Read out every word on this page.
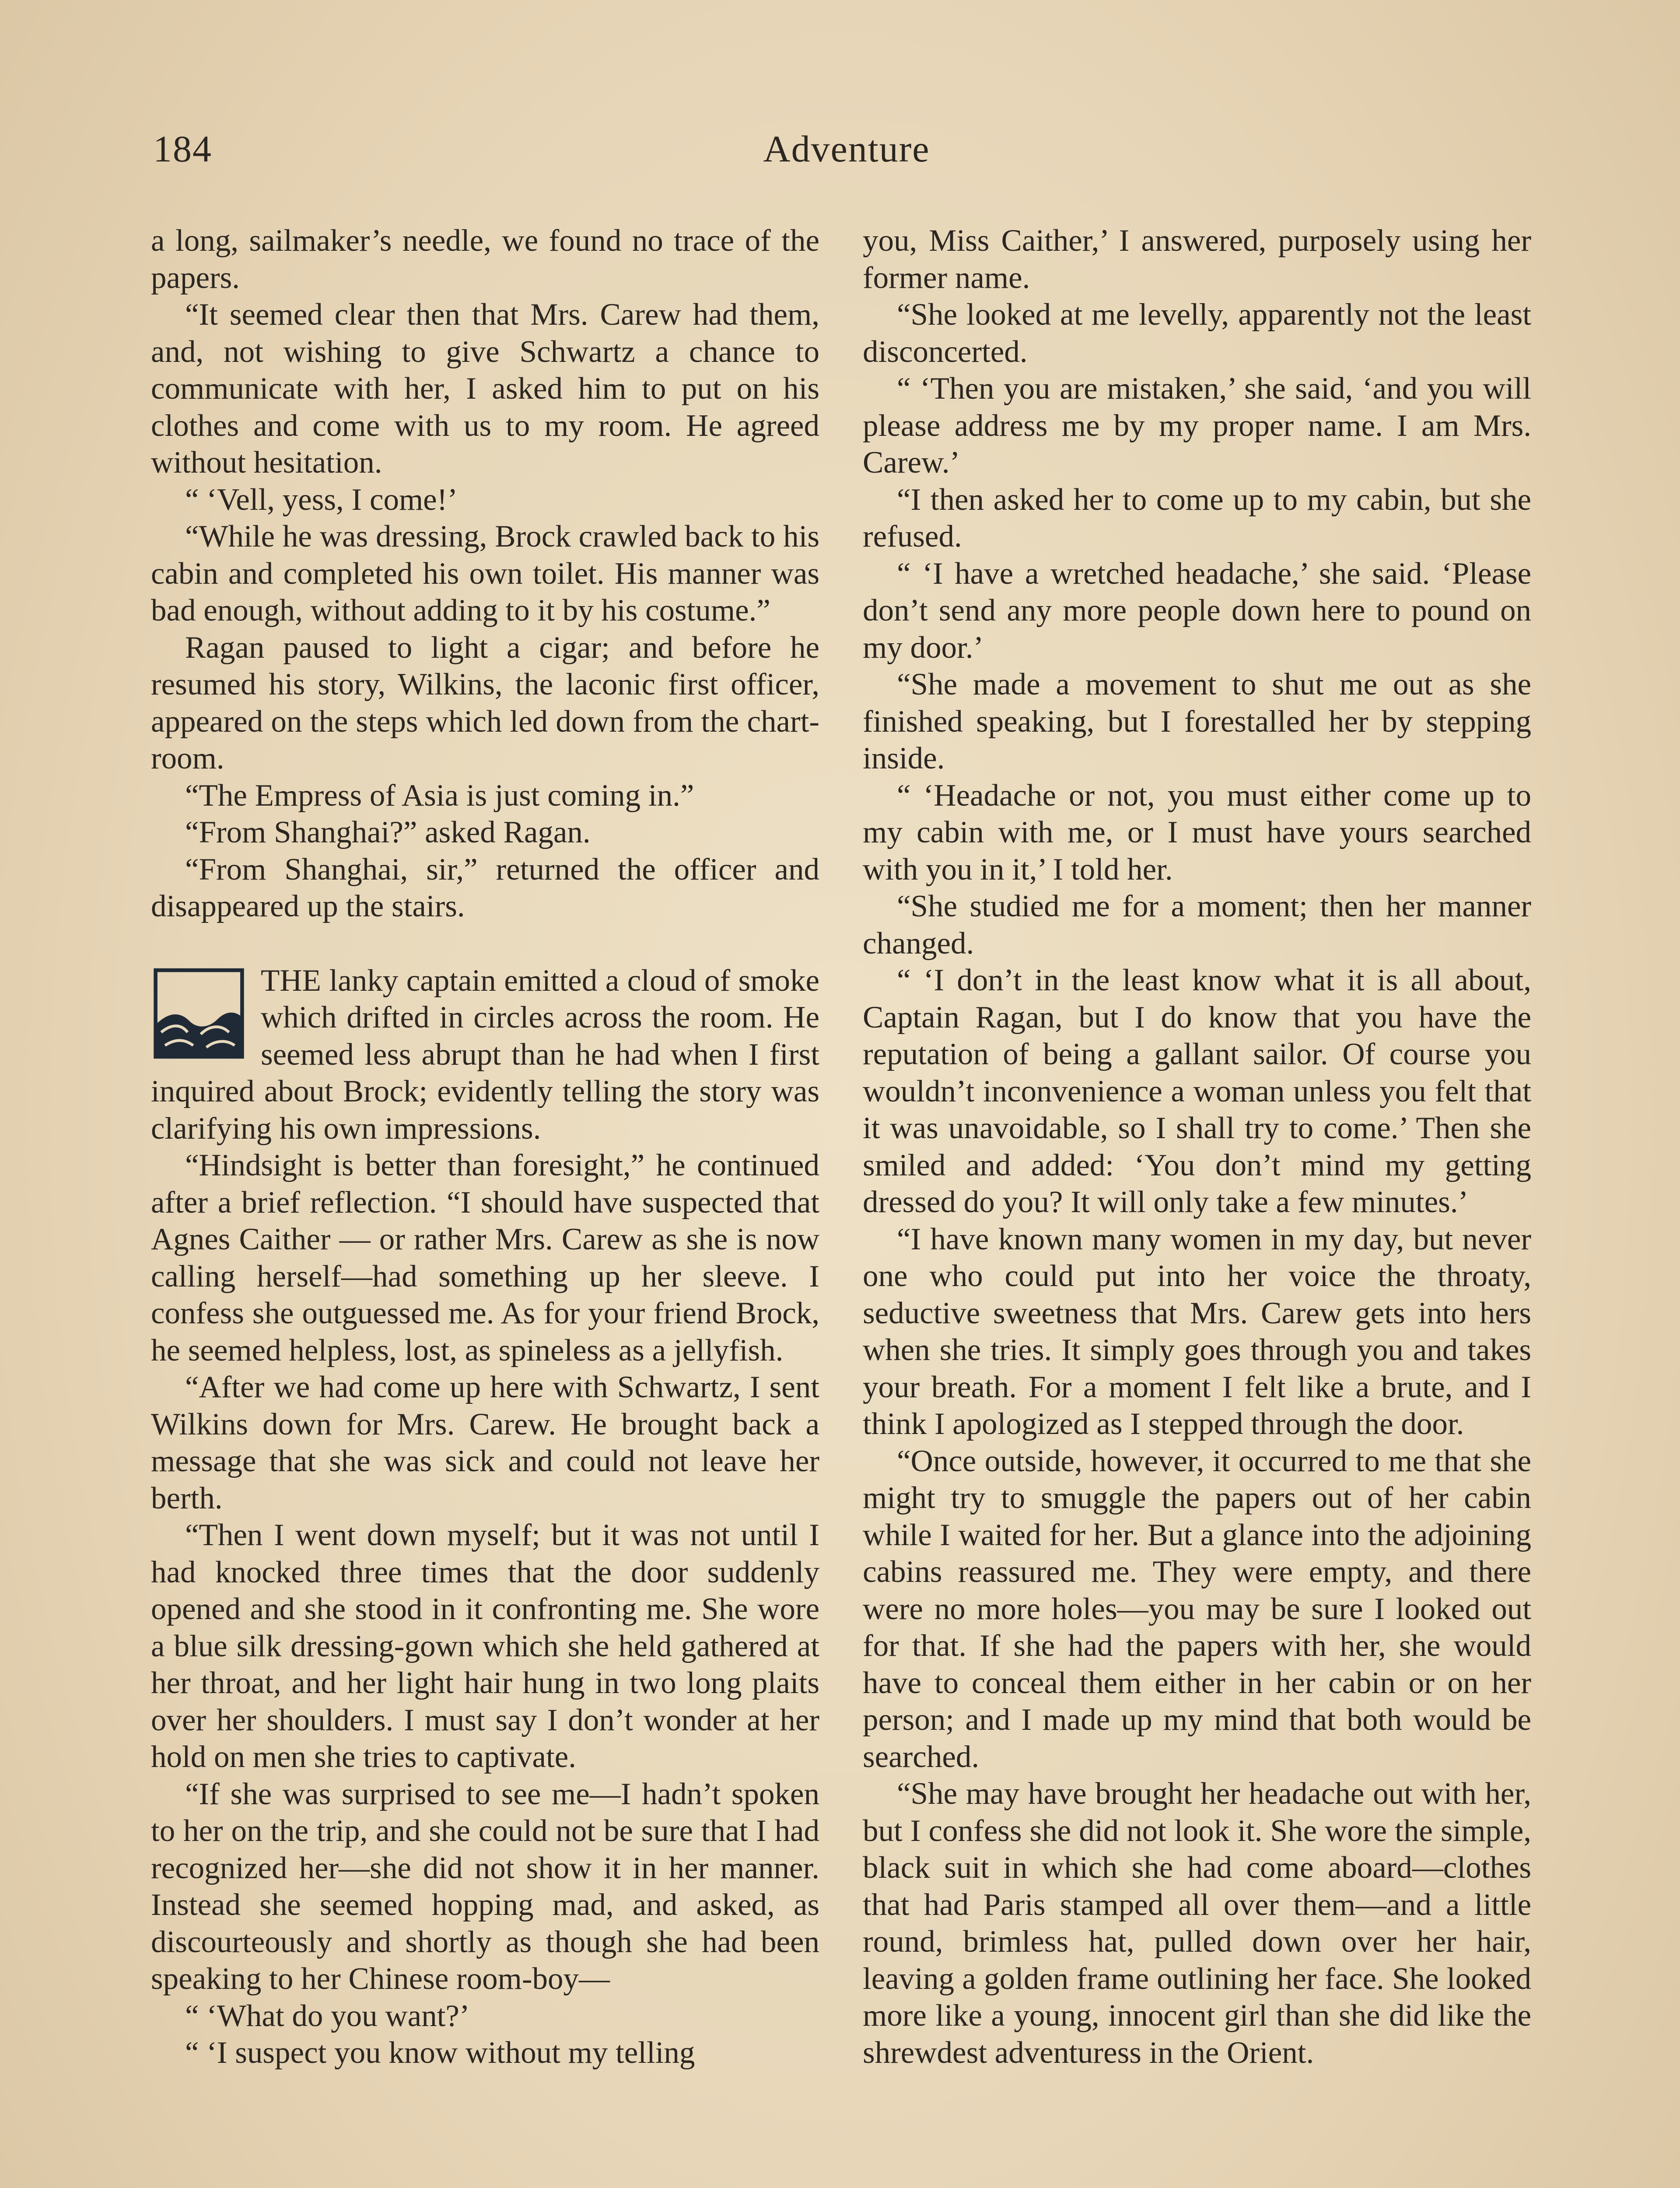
184	Adventure

a long, sailmaker’s needle, we found no trace of the papers.

“It seemed clear then that Mrs. Carew had them, and, not wishing to give Schwartz a chance to communicate with her, I asked him to put on his clothes and come with us to my room. He agreed without hesitation.

“ ‘Vell, yess, I come!’

“While he was dressing, Brock crawled back to his cabin and completed his own toilet. His manner was bad enough, without adding to it by his costume.”

Ragan paused to light a cigar; and before he resumed his story, Wilkins, the laconic first officer, appeared on the steps which led down from the chart-room.

“The Empress of Asia is just coming in.”

“From Shanghai?” asked Ragan.

“From Shanghai, sir,” returned the officer and disappeared up the stairs.

THE lanky captain emitted a cloud of smoke which drifted in circles across the room. He seemed less abrupt than he had when I first inquired about Brock; evidently telling the story was clarifying his own impressions.

“Hindsight is better than foresight,” he continued after a brief reflection. “I should have suspected that Agnes Caither — or rather Mrs. Carew as she is now calling herself—had something up her sleeve. I confess she outguessed me. As for your friend Brock, he seemed helpless, lost, as spineless as a jellyfish.

“After we had come up here with Schwartz, I sent Wilkins down for Mrs. Carew. He brought back a message that she was sick and could not leave her berth.

“Then I went down myself; but it was not until I had knocked three times that the door suddenly opened and she stood in it confronting me. She wore a blue silk dressing-gown which she held gathered at her throat, and her light hair hung in two long plaits over her shoulders. I must say I don’t wonder at her hold on men she tries to captivate.

“If she was surprised to see me—I hadn’t spoken to her on the trip, and she could not be sure that I had recognized her—she did not show it in her manner. Instead she seemed hopping mad, and asked, as discourteously and shortly as though she had been speaking to her Chinese room-boy—

“ ‘What do you want?’

“ ‘I suspect you know without my telling

you, Miss Caither,’ I answered, purposely using her former name.

“She looked at me levelly, apparently not the least disconcerted.

“ ‘Then you are mistaken,’ she said, ‘and you will please address me by my proper name. I am Mrs. Carew.’

“I then asked her to come up to my cabin, but she refused.

“ ‘I have a wretched headache,’ she said. ‘Please don’t send any more people down here to pound on my door.’

“She made a movement to shut me out as she finished speaking, but I forestalled her by stepping inside.

“ ‘Headache or not, you must either come up to my cabin with me, or I must have yours searched with you in it,’ I told her.

“She studied me for a moment; then her manner changed.

“ ‘I don’t in the least know what it is all about, Captain Ragan, but I do know that you have the reputation of being a gallant sailor. Of course you wouldn’t inconvenience a woman unless you felt that it was unavoidable, so I shall try to come.’ Then she smiled and added: ‘You don’t mind my getting dressed do you? It will only take a few minutes.’

“I have known many women in my day, but never one who could put into her voice the throaty, seductive sweetness that Mrs. Carew gets into hers when she tries. It simply goes through you and takes your breath. For a moment I felt like a brute, and I think I apologized as I stepped through the door.

“Once outside, however, it occurred to me that she might try to smuggle the papers out of her cabin while I waited for her. But a glance into the adjoining cabins reassured me. They were empty, and there were no more holes—you may be sure I looked out for that. If she had the papers with her, she would have to conceal them either in her cabin or on her person; and I made up my mind that both would be searched.

“She may have brought her headache out with her, but I confess she did not look it. She wore the simple, black suit in which she had come aboard—clothes that had Paris stamped all over them—and a little round, brimless hat, pulled down over her hair, leaving a golden frame outlining her face. She looked more like a young, innocent girl than she did like the shrewdest adventuress in the Orient.
